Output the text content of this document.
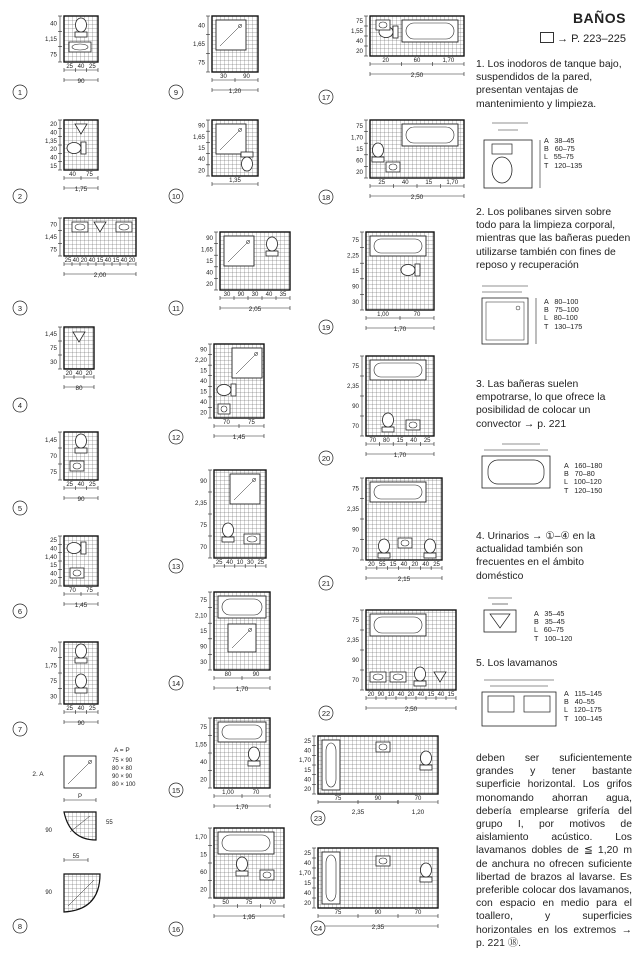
40
1,15
75
25 40 25
90
1
20
40
1,35
20
40
15
40 75
1,75
2
70
1,45
75
25 40 20 40 15 40 15 40 20
2,00
3
1,45
75
30
20 40 20
80
4
1,45
70
75
25 40 25
90
5
25
40
1,40
15
40
20
70 75
1,45
6
70
1,75
75
30
25 40 25
90
7
40
1,65
75
30	90
1,20
9
90
1,65
15
40
20
1,35
10
90
1,65
15
40
20
30 90 30 40 35
2,05
11
90
2,20
15
40
15
40
20
70	75
1,45
12
90
2,35
75
70
25 40 10 30 25
13
75
2,10
15
90
30
80	90
1,70
14
75
1,55
40
20
1,00	70
1,70
15
1,70
15
60
20
50	75	70
1,95
16
75
1,55
40
20
20	60	1,70
2,50
17
75
1,70
15
60
20
25	40	15 1,70
2,50
18
75
2,25
15
90
30
1,00	70
1,70
19
75
2,35
90
70
70 80 15 40 25
1,70
20
75
2,35
90
70
20 55 15 40 20 40 25
2,15
21
75
2,35
90
70
20 90 10 40 20 40 15 40 15
2,50
22
25
40
1,70
15
40
20
75	90	70
2,35	1,20
23
25
40
1,70
15
40
20
75	90	70
2,35
24
2. A
A = P
75 × 90
80 × 80
90 × 90
80 × 100
P
90
55
55
90
8
BAÑOS
→ P. 223–225
1. Los inodoros de tanque bajo, suspendidos de la pared, presentan ventajas de mantenimiento y limpieza.
A   38–45
B   60–75
L   55–75
T   120–135
2. Los polibanes sirven sobre todo para la limpieza corporal, mientras que las bañeras pueden utilizarse también con fines de reposo y recuperación
A   80–100
B   75–100
L   80–100
T   130–175
3. Las bañeras suelen empotrarse, lo que ofrece la posibilidad de colocar un convector → p. 221
A   160–180
B   70–80
L   100–120
T   120–150
4. Urinarios → ①–④ en la actualidad también son frecuentes en el ámbito doméstico
A   35–45
B   35–45
L   60–75
T   100–120
5. Los lavamanos
A   115–145
B   40–55
L   120–175
T   100–145
deben ser suficientemente grandes y tener bastante superficie horizontal. Los grifos monomando ahorran agua, debería emplearse grifería del grupo I, por motivos de aislamiento acústico. Los lavamanos dobles de ≦ 1,20 m de anchura no ofrecen suficiente libertad de brazos al lavarse. Es preferible colocar dos lavamanos, con espacio en medio para el toallero, y superficies horizontales en los extremos → p. 221 ⑱.
